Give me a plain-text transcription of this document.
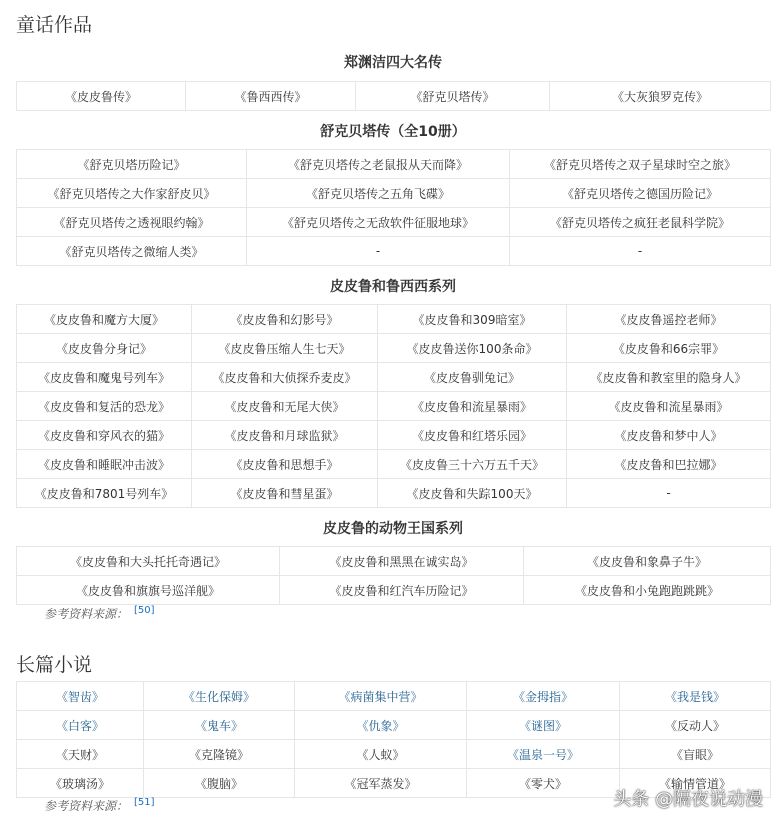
童话作品
郑渊洁四大名传
《皮皮鲁传》	《鲁西西传》	《舒克贝塔传》	《大灰狼罗克传》
舒克贝塔传（全10册）
《舒克贝塔历险记》	《舒克贝塔传之老鼠报从天而降》	《舒克贝塔传之双子星球时空之旅》
《舒克贝塔传之大作家舒皮贝》	《舒克贝塔传之五角飞碟》	《舒克贝塔传之德国历险记》
《舒克贝塔传之透视眼约翰》	《舒克贝塔传之无敌软件征服地球》	《舒克贝塔传之疯狂老鼠科学院》
《舒克贝塔传之微缩人类》	-	-
皮皮鲁和鲁西西系列
《皮皮鲁和魔方大厦》	《皮皮鲁和幻影号》	《皮皮鲁和309暗室》	《皮皮鲁遥控老师》
《皮皮鲁分身记》	《皮皮鲁压缩人生七天》	《皮皮鲁送你100条命》	《皮皮鲁和66宗罪》
《皮皮鲁和魔鬼号列车》	《皮皮鲁和大侦探乔麦皮》	《皮皮鲁驯兔记》	《皮皮鲁和教室里的隐身人》
《皮皮鲁和复活的恐龙》	《皮皮鲁和无尾大侠》	《皮皮鲁和流星暴雨》	《皮皮鲁和流星暴雨》
《皮皮鲁和穿风衣的猫》	《皮皮鲁和月球监狱》	《皮皮鲁和红塔乐园》	《皮皮鲁和梦中人》
《皮皮鲁和睡眠冲击波》	《皮皮鲁和思想手》	《皮皮鲁三十六万五千天》	《皮皮鲁和巴拉娜》
《皮皮鲁和7801号列车》	《皮皮鲁和彗星蛋》	《皮皮鲁和失踪100天》	-
皮皮鲁的动物王国系列
《皮皮鲁和大头托托奇遇记》	《皮皮鲁和黑黑在诚实岛》	《皮皮鲁和象鼻子牛》
《皮皮鲁和旗旗号巡洋舰》	《皮皮鲁和红汽车历险记》	《皮皮鲁和小兔跑跑跳跳》
参考资料来源： [50]
长篇小说
《智齿》	《生化保姆》	《病菌集中营》	《金拇指》	《我是钱》
《白客》	《鬼车》	《仇象》	《谜图》	《反动人》
《天财》	《克隆镜》	《人蚁》	《温泉一号》	《盲眼》
《玻璃汤》	《腹脑》	《冠军蒸发》	《零犬》	《输情管道》
参考资料来源： [51]	头条 @隔夜说动漫
